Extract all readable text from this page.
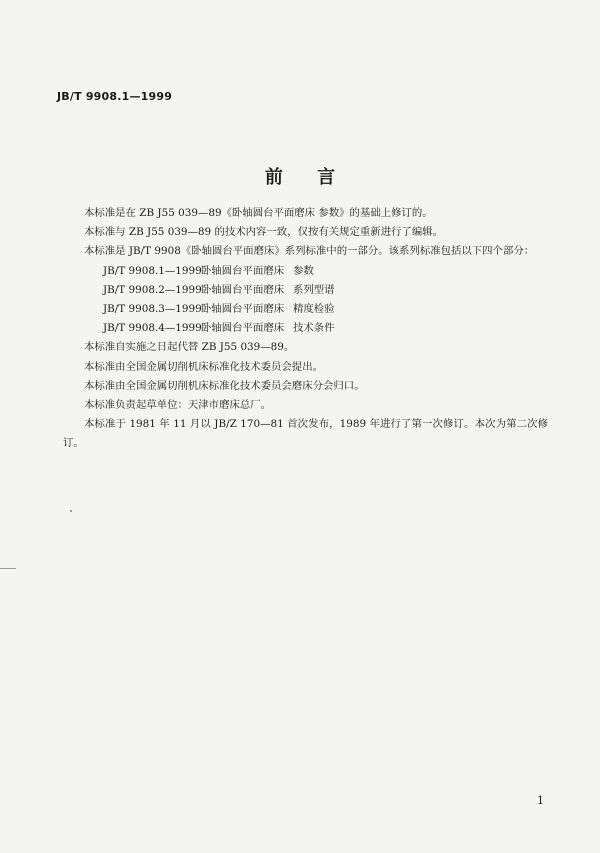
JB/T 9908.1—1999
前 言
本标准是在 ZB J55 039—89《卧轴圆台平面磨床 参数》的基础上修订的。
本标准与 ZB J55 039—89 的技术内容一致，仅按有关规定重新进行了编辑。
本标准是 JB/T 9908《卧轴圆台平面磨床》系列标准中的一部分。该系列标准包括以下四个部分：
JB/T 9908.1—1999卧轴圆台平面磨床 参数
JB/T 9908.2—1999卧轴圆台平面磨床 系列型谱
JB/T 9908.3—1999卧轴圆台平面磨床 精度检验
JB/T 9908.4—1999卧轴圆台平面磨床 技术条件
本标准自实施之日起代替 ZB J55 039—89。
本标准由全国金属切削机床标准化技术委员会提出。
本标准由全国金属切削机床标准化技术委员会磨床分会归口。
本标准负责起草单位：天津市磨床总厂。
本标准于 1981 年 11 月以 JB/Z 170—81 首次发布，1989 年进行了第一次修订。本次为第二次修订。
1
